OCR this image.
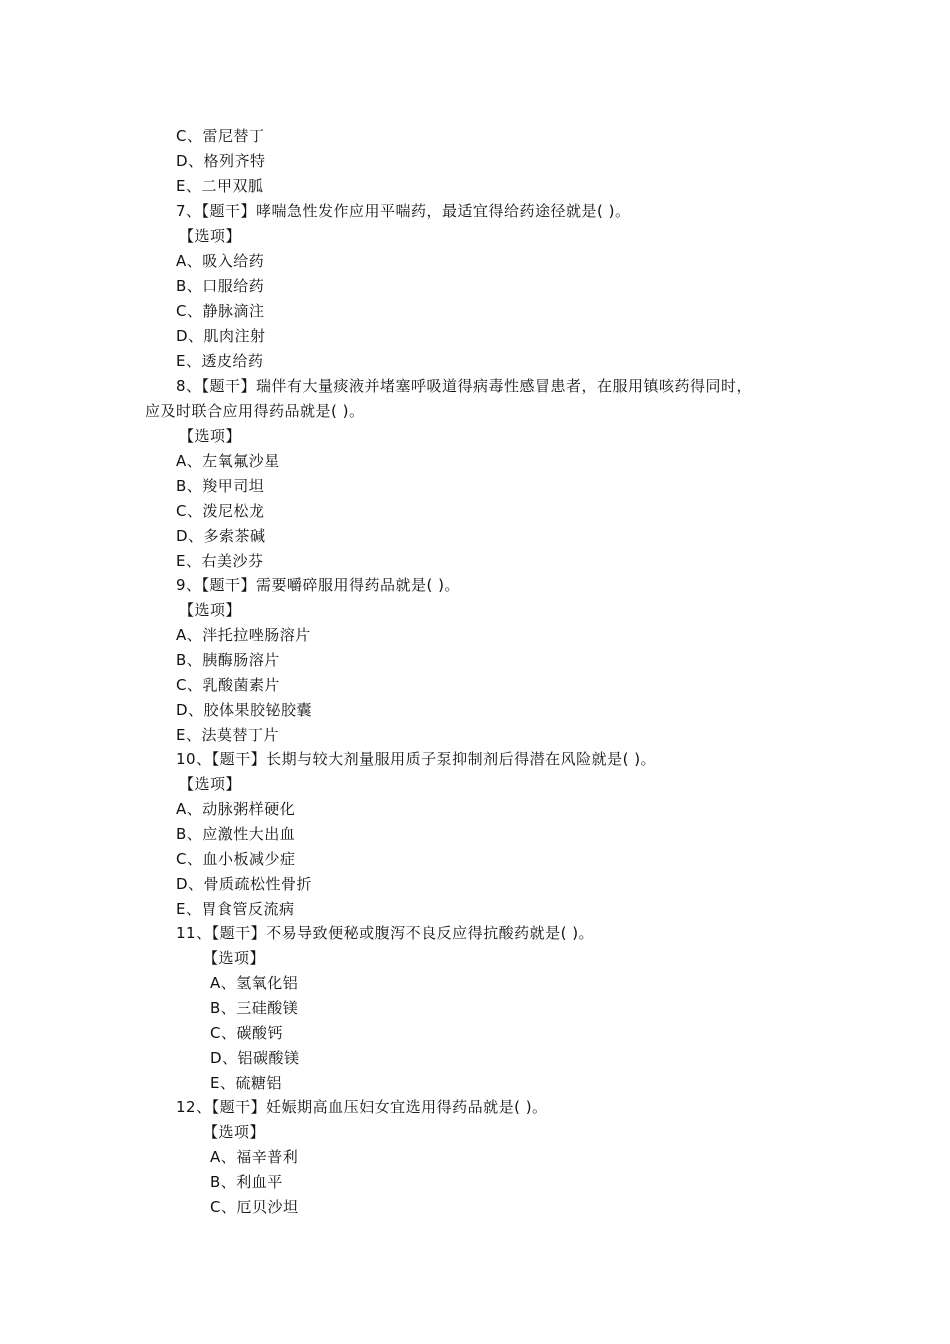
C、雷尼替丁
D、格列齐特
E、二甲双胍
7、【题干】哮喘急性发作应用平喘药，最适宜得给药途径就是( )。
【选项】
A、吸入给药
B、口服给药
C、静脉滴注
D、肌肉注射
E、透皮给药
8、【题干】瑞伴有大量痰液并堵塞呼吸道得病毒性感冒患者，在服用镇咳药得同时，
应及时联合应用得药品就是( )。
【选项】
A、左氧氟沙星
B、羧甲司坦
C、泼尼松龙
D、多索茶碱
E、右美沙芬
9、【题干】需要嚼碎服用得药品就是( )。
【选项】
A、泮托拉唑肠溶片
B、胰酶肠溶片
C、乳酸菌素片
D、胶体果胶铋胶囊
E、法莫替丁片
10、【题干】长期与较大剂量服用质子泵抑制剂后得潜在风险就是( )。
【选项】
A、动脉粥样硬化
B、应激性大出血
C、血小板减少症
D、骨质疏松性骨折
E、胃食管反流病
11、【题干】不易导致便秘或腹泻不良反应得抗酸药就是( )。
【选项】
A、氢氧化铝
B、三硅酸镁
C、碳酸钙
D、铝碳酸镁
E、硫糖铝
12、【题干】妊娠期高血压妇女宜选用得药品就是( )。
【选项】
A、福辛普利
B、利血平
C、厄贝沙坦
